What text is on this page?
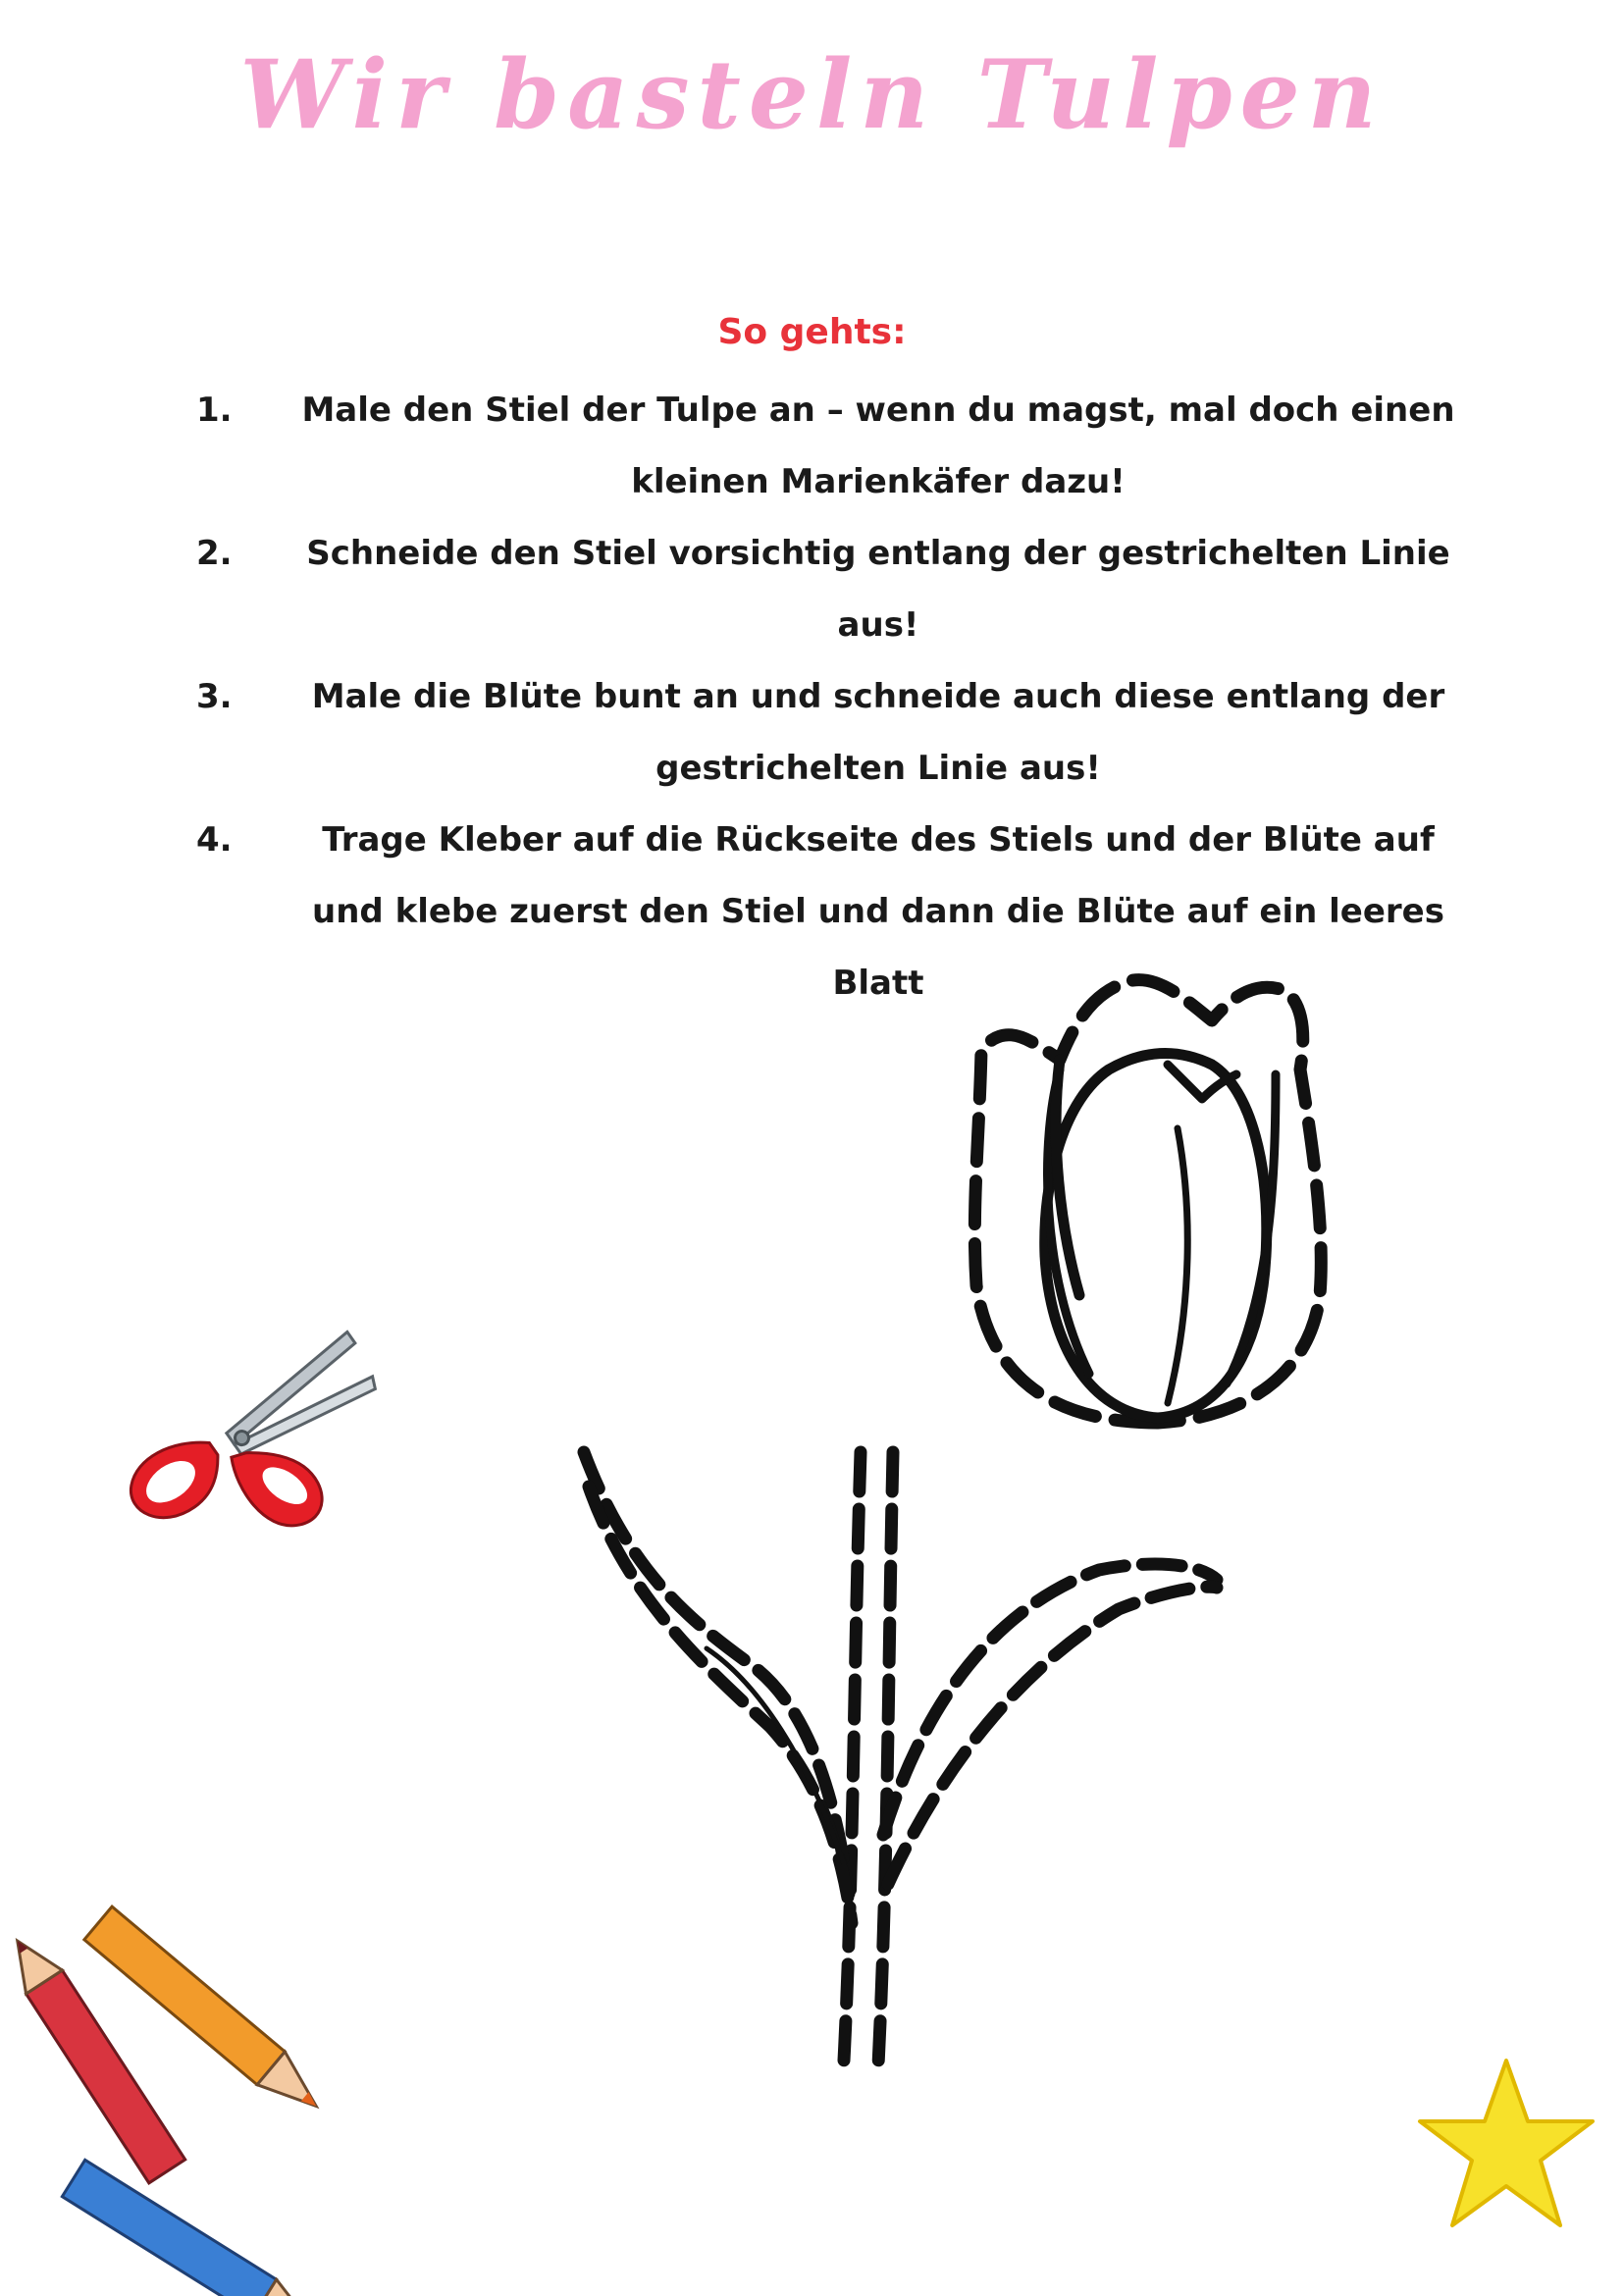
Wir basteln Tulpen
So gehts:
1.	Male den Stiel der Tulpe an – wenn du magst, mal doch einen kleinen Marienkäfer dazu!
2.	Schneide den Stiel vorsichtig entlang der gestrichelten Linie aus!
3.	Male die Blüte bunt an und schneide auch diese entlang der gestrichelten Linie aus!
4.	Trage Kleber auf die Rückseite des Stiels und der Blüte auf und klebe zuerst den Stiel und dann die Blüte auf ein leeres Blatt
